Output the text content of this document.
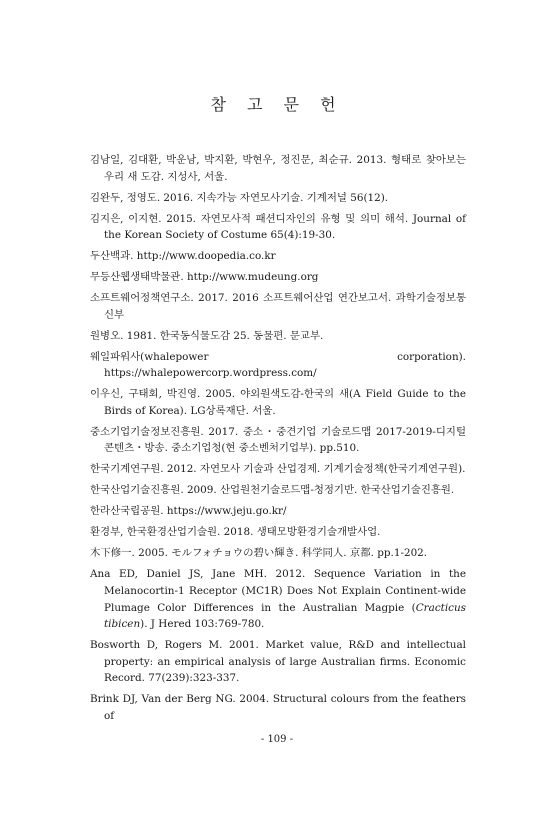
참 고 문 헌

김남일, 김대환, 박운남, 박지환, 박현우, 정진문, 최순규. 2013. 형태로 찾아보는 우리 새 도감. 지성사, 서울.

김완두, 정영도. 2016. 지속가능 자연모사기술. 기계저널 56(12).

김지은, 이지현. 2015. 자연모사적 패션디자인의 유형 및 의미 해석. Journal of the Korean Society of Costume 65(4):19-30.

두산백과. http://www.doopedia.co.kr

무등산웹생태박물관. http://www.mudeung.org

소프트웨어정책연구소. 2017. 2016 소프트웨어산업 연간보고서. 과학기술정보통신부

원병오. 1981. 한국동식물도감 25. 동물편. 문교부.

웨일파워사(whalepower corporation). https://whalepowercorp.wordpress.com/

이우신, 구태회, 박진영. 2005. 야외원색도감-한국의 새(A Field Guide to the Birds of Korea). LG상록재단. 서울.

중소기업기술정보진흥원. 2017. 중소・중견기업 기술로드맵 2017-2019-디지털콘텐츠・방송. 중소기업청(현 중소벤처기업부). pp.510.

한국기계연구원. 2012. 자연모사 기술과 산업경제. 기계기술정책(한국기계연구원).

한국산업기술진흥원. 2009. 산업원천기술로드맵-청정기반. 한국산업기술진흥원.

한라산국립공원. https://www.jeju.go.kr/

환경부, 한국환경산업기술원. 2018. 생태모방환경기술개발사업.

木下修一. 2005. モルフォチョウの碧い輝き. 科学同人. 京都. pp.1-202.

Ana ED, Daniel JS, Jane MH. 2012. Sequence Variation in the Melanocortin-1 Receptor (MC1R) Does Not Explain Continent-wide Plumage Color Differences in the Australian Magpie (Cracticus tibicen). J Hered 103:769-780.

Bosworth D, Rogers M. 2001. Market value, R&D and intellectual property: an empirical analysis of large Australian firms. Economic Record. 77(239):323-337.

Brink DJ, Van der Berg NG. 2004. Structural colours from the feathers of

- 109 -
